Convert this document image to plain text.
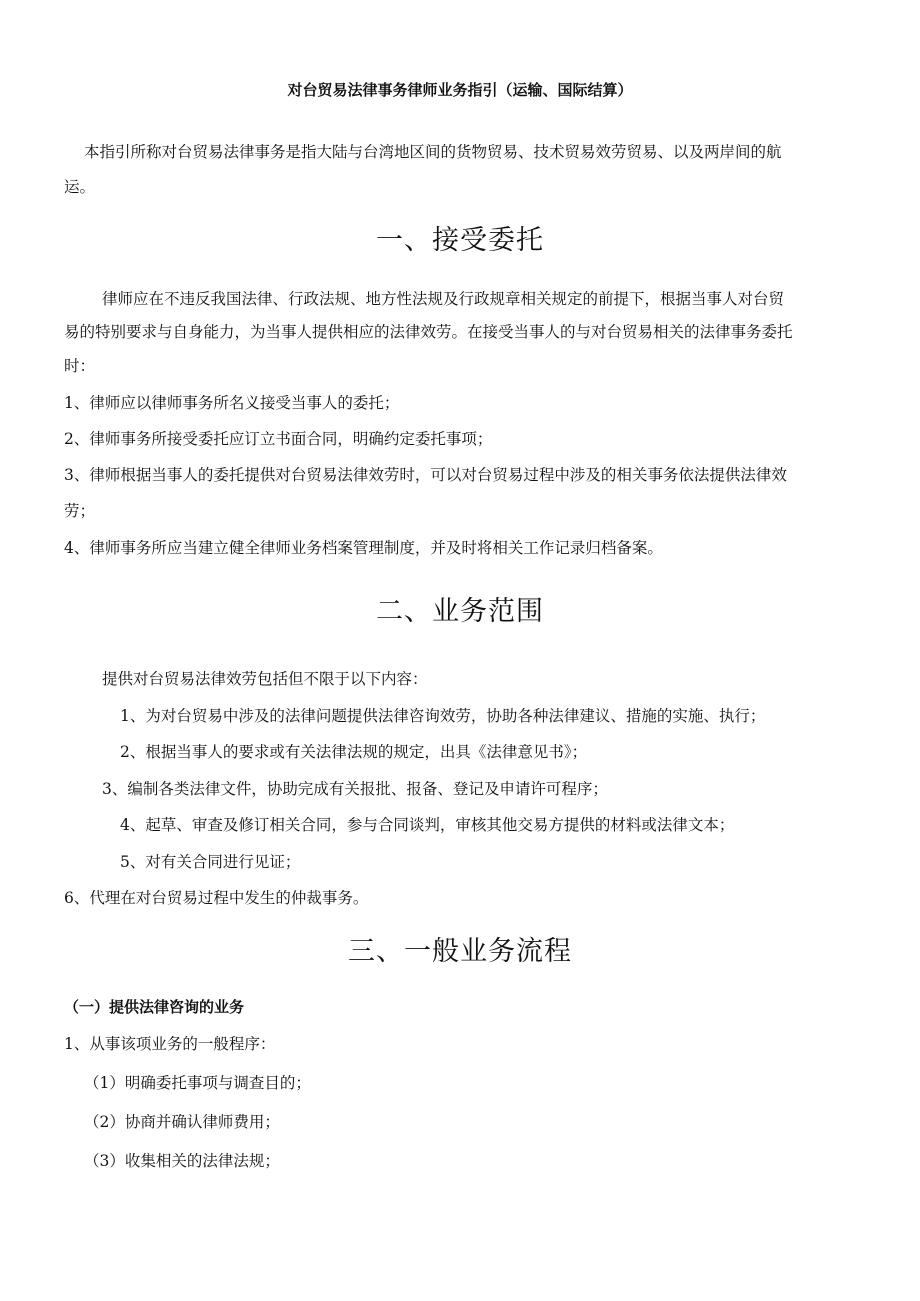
对台贸易法律事务律师业务指引（运输、国际结算）
本指引所称对台贸易法律事务是指大陆与台湾地区间的货物贸易、技术贸易效劳贸易、以及两岸间的航
运。
一、接受委托
律师应在不违反我国法律、行政法规、地方性法规及行政规章相关规定的前提下，根据当事人对台贸
易的特别要求与自身能力，为当事人提供相应的法律效劳。在接受当事人的与对台贸易相关的法律事务委托
时：
1、律师应以律师事务所名义接受当事人的委托；
2、律师事务所接受委托应订立书面合同，明确约定委托事项；
3、律师根据当事人的委托提供对台贸易法律效劳时，可以对台贸易过程中涉及的相关事务依法提供法律效
劳；
4、律师事务所应当建立健全律师业务档案管理制度，并及时将相关工作记录归档备案。
二、业务范围
提供对台贸易法律效劳包括但不限于以下内容：
1、为对台贸易中涉及的法律问题提供法律咨询效劳，协助各种法律建议、措施的实施、执行；
2、根据当事人的要求或有关法律法规的规定，出具《法律意见书》；
3、编制各类法律文件，协助完成有关报批、报备、登记及申请许可程序；
4、起草、审查及修订相关合同，参与合同谈判，审核其他交易方提供的材料或法律文本；
5、对有关合同进行见证；
6、代理在对台贸易过程中发生的仲裁事务。
三、一般业务流程
（一）提供法律咨询的业务
1、从事该项业务的一般程序：
（1）明确委托事项与调查目的；
（2）协商并确认律师费用；
（3）收集相关的法律法规；
